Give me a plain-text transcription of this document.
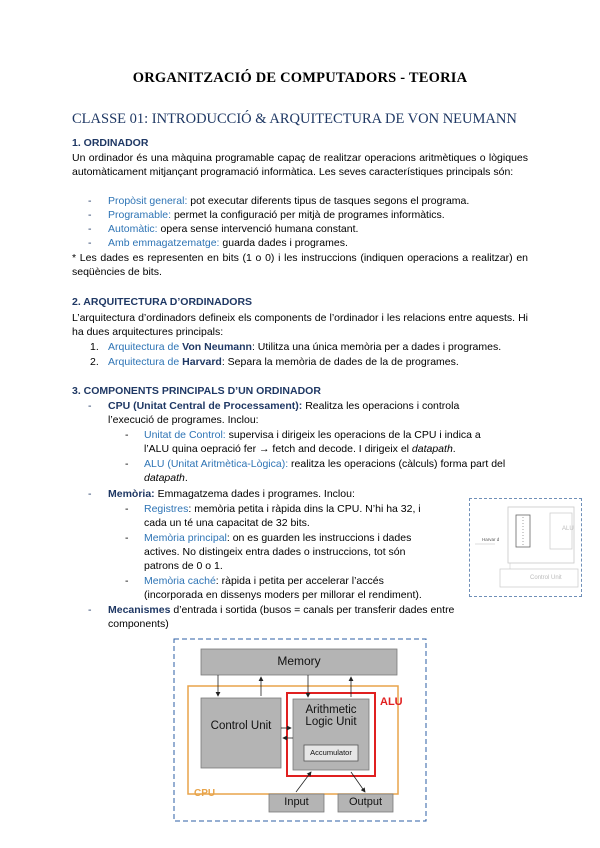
ORGANITZACIÓ DE COMPUTADORS - TEORIA
CLASSE 01: INTRODUCCIÓ & ARQUITECTURA DE VON NEUMANN
1. ORDINADOR
Un ordinador és una màquina programable capaç de realitzar operacions aritmètiques o lògiques automàticament mitjançant programació informàtica. Les seves característiques principals són:
- Propòsit general: pot executar diferents tipus de tasques segons el programa.
- Programable: permet la configuració per mitjà de programes informàtics.
- Automàtic: opera sense intervenció humana constant.
- Amb emmagatzematge: guarda dades i programes.
* Les dades es representen en bits (1 o 0) i les instruccions (indiquen operacions a realitzar) en seqüències de bits.
2. ARQUITECTURA D’ORDINADORS
L’arquitectura d’ordinadors defineix els components de l’ordinador i les relacions entre aquests. Hi ha dues arquitectures principals:
1. Arquitectura de Von Neumann: Utilitza una única memòria per a dades i programes.
2. Arquitectura de Harvard: Separa la memòria de dades de la de programes.
3. COMPONENTS PRINCIPALS D’UN ORDINADOR
- CPU (Unitat Central de Processament): Realitza les operacions i controla
l’execució de programes. Inclou:
- Unitat de Control: supervisa i dirigeix les operacions de la CPU i indica a
l’ALU quina oepració fer → fetch and decode. I dirigeix el datapath.
- ALU (Unitat Aritmètica-Lògica): realitza les operacions (càlculs) forma part del
datapath.
- Memòria: Emmagatzema dades i programes. Inclou:
- Registres: memòria petita i ràpida dins la CPU. N’hi ha 32, i
cada un té una capacitat de 32 bits.
- Memòria principal: on es guarden les instruccions i dades
actives. No distingeix entra dades o instruccions, tot són
patrons de 0 o 1.
- Memòria caché: ràpida i petita per accelerar l’accés
(incorporada en dissenys moders per millorar el rendiment).
- Mecanismes d’entrada i sortida (busos = canals per transferir dades entre
components)
ALU
Control Unit
Harvar d
Memory
Control Unit
Arithmetic Logic Unit
Accumulator
ALU
CPU
Input	Output
